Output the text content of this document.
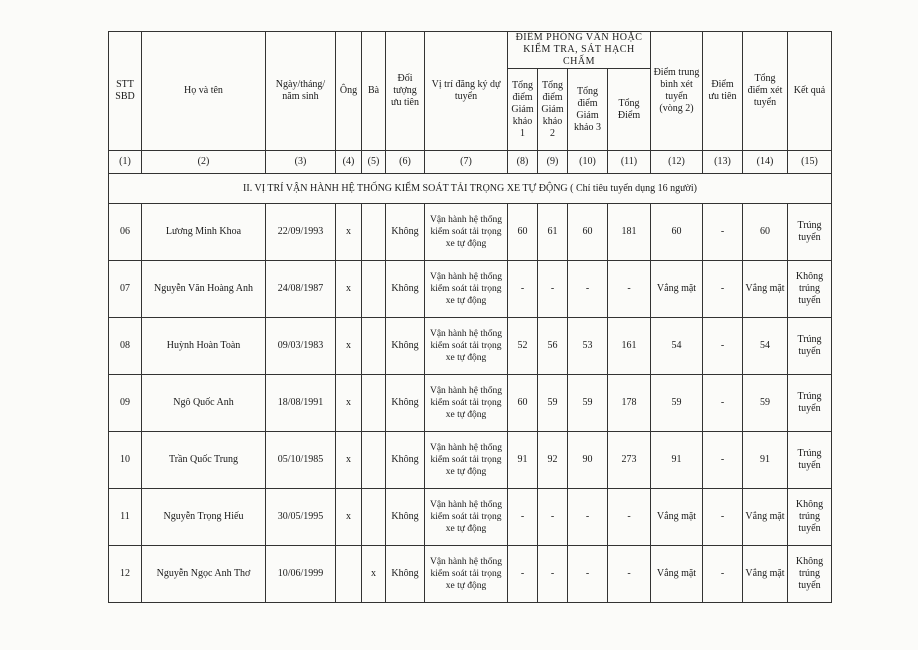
STT SBD	Họ và tên	Ngày/tháng/ năm sinh	Ông	Bà	Đối tượng ưu tiên	Vị trí đăng ký dự tuyển	ĐIỂM PHỎNG VẤN HOẶC KIỂM TRA, SÁT HẠCH CHẤM				Điểm trung bình xét tuyển (vòng 2)	Điểm ưu tiên	Tổng điểm xét tuyển	Kết quả
							Tổng điểm Giám khảo 1	Tổng điểm Giám khảo 2	Tổng điểm Giám khảo 3	Tổng Điểm				
(1)	(2)	(3)	(4)	(5)	(6)	(7)	(8)	(9)	(10)	(11)	(12)	(13)	(14)	(15)
II. VỊ TRÍ VẬN HÀNH HỆ THỐNG KIỂM SOÁT TẢI TRỌNG XE TỰ ĐỘNG ( Chỉ tiêu tuyển dụng 16 người)														
06	Lương Minh Khoa	22/09/1993	x		Không	Vận hành hệ thống kiểm soát tải trọng xe tự động	60	61	60	181	60	-	60	Trúng tuyển
07	Nguyễn Văn Hoàng Anh	24/08/1987	x		Không	Vận hành hệ thống kiểm soát tải trọng xe tự động	-	-	-	-	Vắng mặt	-	Vắng mặt	Không trúng tuyển
08	Huỳnh Hoàn Toàn	09/03/1983	x		Không	Vận hành hệ thống kiểm soát tải trọng xe tự động	52	56	53	161	54	-	54	Trúng tuyển
09	Ngô Quốc Anh	18/08/1991	x		Không	Vận hành hệ thống kiểm soát tải trọng xe tự động	60	59	59	178	59	-	59	Trúng tuyển
10	Trần Quốc Trung	05/10/1985	x		Không	Vận hành hệ thống kiểm soát tải trọng xe tự động	91	92	90	273	91	-	91	Trúng tuyển
11	Nguyễn Trọng Hiếu	30/05/1995	x		Không	Vận hành hệ thống kiểm soát tải trọng xe tự động	-	-	-	-	Vắng mặt	-	Vắng mặt	Không trúng tuyển
12	Nguyễn Ngọc Anh Thơ	10/06/1999		x	Không	Vận hành hệ thống kiểm soát tải trọng xe tự động	-	-	-	-	Vắng mặt	-	Vắng mặt	Không trúng tuyển
